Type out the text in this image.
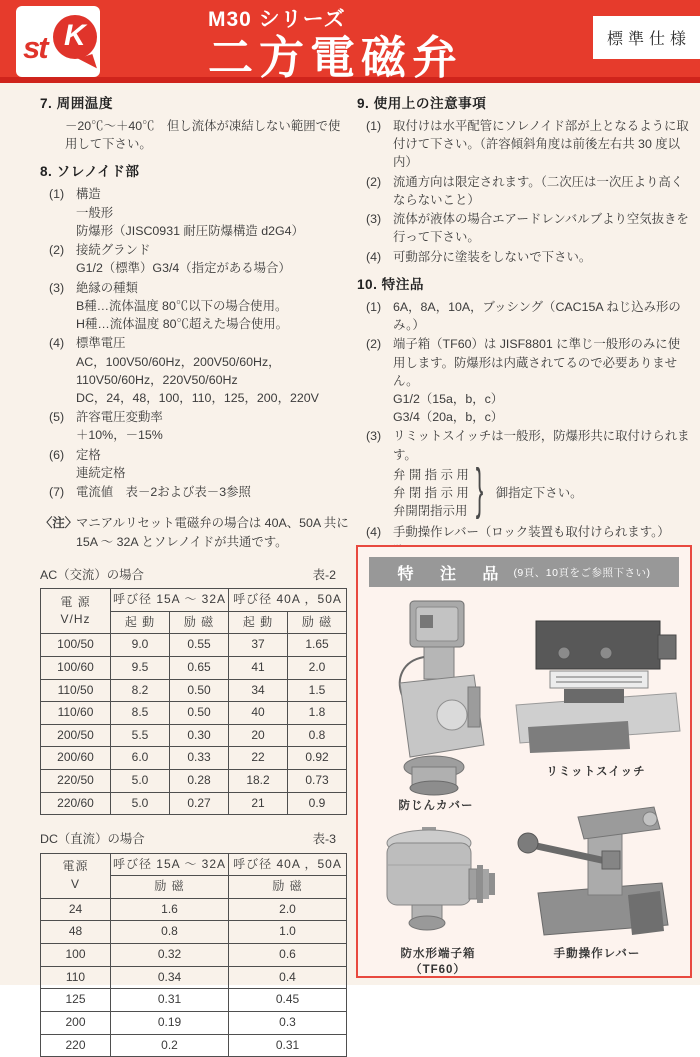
st K	M30 シリーズ
二方電磁弁	標準仕様
7. 周囲温度
－20℃～＋40℃　但し流体が凍結しない範囲で使用して下さい。
8. ソレノイド部
(1) 構造
一般形
防爆形（JISC0931 耐圧防爆構造 d2G4）
(2) 接続グランド
G1/2（標準）G3/4（指定がある場合）
(3) 絶縁の種類
B種…流体温度 80℃以下の場合使用。
H種…流体温度 80℃超えた場合使用。
(4) 標準電圧
AC，100V50/60Hz，200V50/60Hz，110V50/60Hz，220V50/60Hz
DC，24，48，100，110，125，200，220V
(5) 許容電圧変動率
＋10%，－15%
(6) 定格
連続定格
(7) 電流値　表－2および表－3参照
〈注〉
マニアルリセット電磁弁の場合は 40A、50A 共に 15A ～ 32A とソレノイドが共通です。
AC（交流）の場合	表-2
電 源
V/Hz	呼び径 15A ～ 32A		呼び径 40A ，50A	
	起 動	励 磁	起 動	励 磁
100/50	9.0	0.55	37	1.65
100/60	9.5	0.65	41	2.0
110/50	8.2	0.50	34	1.5
110/60	8.5	0.50	40	1.8
200/50	5.5	0.30	20	0.8
200/60	6.0	0.33	22	0.92
220/50	5.0	0.28	18.2	0.73
220/60	5.0	0.27	21	0.9
DC（直流）の場合	表-3
電源
V	呼び径 15A ～ 32A	呼び径 40A ，50A
	励 磁	励 磁
24	1.6	2.0
48	0.8	1.0
100	0.32	0.6
110	0.34	0.4
125	0.31	0.45
200	0.19	0.3
220	0.2	0.31
9. 使用上の注意事項
(1) 取付けは水平配管にソレノイド部が上となるように取付けて下さい。（許容傾斜角度は前後左右共 30 度以内）
(2) 流通方向は限定されます。（二次圧は一次圧より高くならないこと）
(3) 流体が液体の場合エアードレンバルブより空気抜きを行って下さい。
(4) 可動部分に塗装をしないで下さい。
10. 特注品
(1) 6A，8A，10A，ブッシング（CAC15A ねじ込み形のみ。）
(2) 端子箱（TF60）は JISF8801 に準じ一般形のみに使用します。防爆形は内蔵されてるので必要ありません。
G1/2（15a，b，c）
G3/4（20a，b，c）
(3) リミットスイッチは一般形，防爆形共に取付けられます。
弁 開 指 示 用
弁 閉 指 示 用
弁開閉指示用 } 御指定下さい。
(4) 手動操作レバー（ロック装置も取付けられます。）
特 注 品 (9頁、10頁をご参照下さい)
防じんカバー
リミットスイッチ
防水形端子箱
（TF60）
手動操作レバー
